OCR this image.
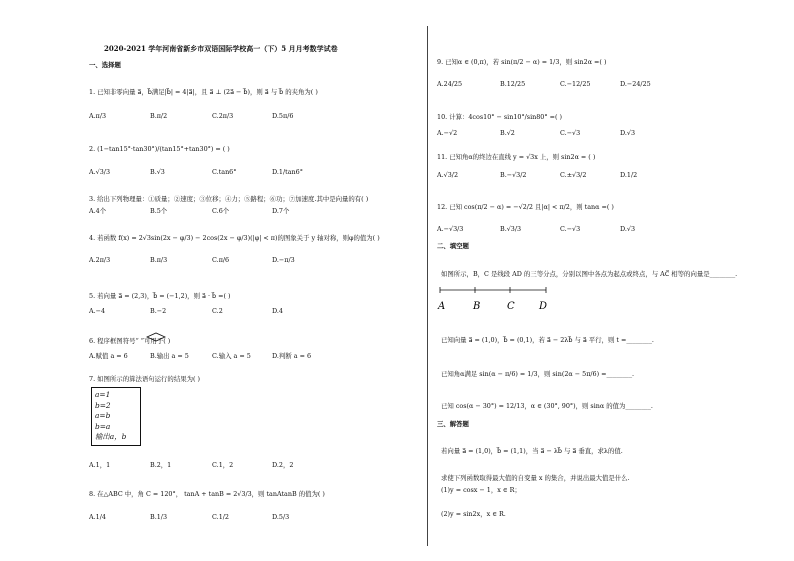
2020-2021 学年河南省新乡市双语国际学校高一（下）5 月月考数学试卷
一、选择题
1. 已知非零向量 a⃗，b⃗满足|b⃗| = 4|a⃗|，且 a⃗ ⊥ (2a⃗ − b⃗)，则 a⃗ 与 b⃗ 的夹角为( )
A.π/3	B.π/2	C.2π/3	D.5π/6
2. (1−tan15°·tan30°)/(tan15°+tan30°) = ( )
A.√3/3	B.√3	C.tan6°	D.1/tan6°
3. 给出下列物理量：①质量；②速度；③位移；④力；⑤路程；⑥功；⑦加速度.其中是向量的有( )
A.4个	B.5个	C.6个	D.7个
4. 若函数 f(x) = 2√3sin(2x − φ/3) − 2cos(2x − φ/3)(|φ| < π)的图象关于 y 轴对称，则φ的值为( )
A.2π/3	B.π/3	C.π/6	D.−π/3
5. 若向量 a⃗ = (2,3)，b⃗ = (−1,2)，则 a⃗ · b⃗ =( )
A.−4	B.−2	C.2	D.4
6. 程序框图符号“ ”可用于( )
A.赋值 a = 6	B.输出 a = 5	C.输入 a = 5	D.判断 a = 6
7. 如图所示的算法语句运行的结果为( )
a=1
b=2
a=b
b=a
输出a，b
A.1，1	B.2，1	C.1，2	D.2，2
8. 在△ABC 中，角 C = 120°， tanA + tanB = 2√3/3，则 tanAtanB 的值为( )
A.1/4	B.1/3	C.1/2	D.5/3
9. 已知α ∈ (0,π)，若 sin(π/2 − α) = 1/3，则 sin2α =( )
A.24/25	B.12/25	C.−12/25	D.−24/25
10. 计算：4cos10° − sin10°/sin80° =( )
A.−√2	B.√2	C.−√3	D.√3
11. 已知角α的终边在直线 y = √3x 上，则 sin2α = ( )
A.√3/2	B.−√3/2	C.±√3/2	D.1/2
12. 已知 cos(π/2 − α) = −√2/2 且|α| < π/2，则 tanα =( )
A.−√3/3	B.√3/3	C.−√3	D.√3
二、填空题
如图所示，B，C 是线段 AD 的三等分点，分别以图中各点为起点或终点，与 AC⃗ 相等的向量是________.
A	B	C D
已知向量 a⃗ = (1,0)，b⃗ = (0,1)，若 a⃗ − 2λb⃗ 与 a⃗ 平行，则 t =________.
已知角α满足 sin(α − π/6) = 1/3，则 sin(2α − 5π/6) =________.
已知 cos(α − 30°) = 12/13，α ∈ (30°, 90°)，则 sinα 的值为________.
三、解答题
若向量 a⃗ = (1,0)，b⃗ = (1,1)，当 a⃗ − λb⃗ 与 a⃗ 垂直，求λ的值.
求使下列函数取得最大值的自变量 x 的集合，并说出最大值是什么.
(1)y = cosx − 1，x ∈ R；
(2)y = sin2x，x ∈ R.
